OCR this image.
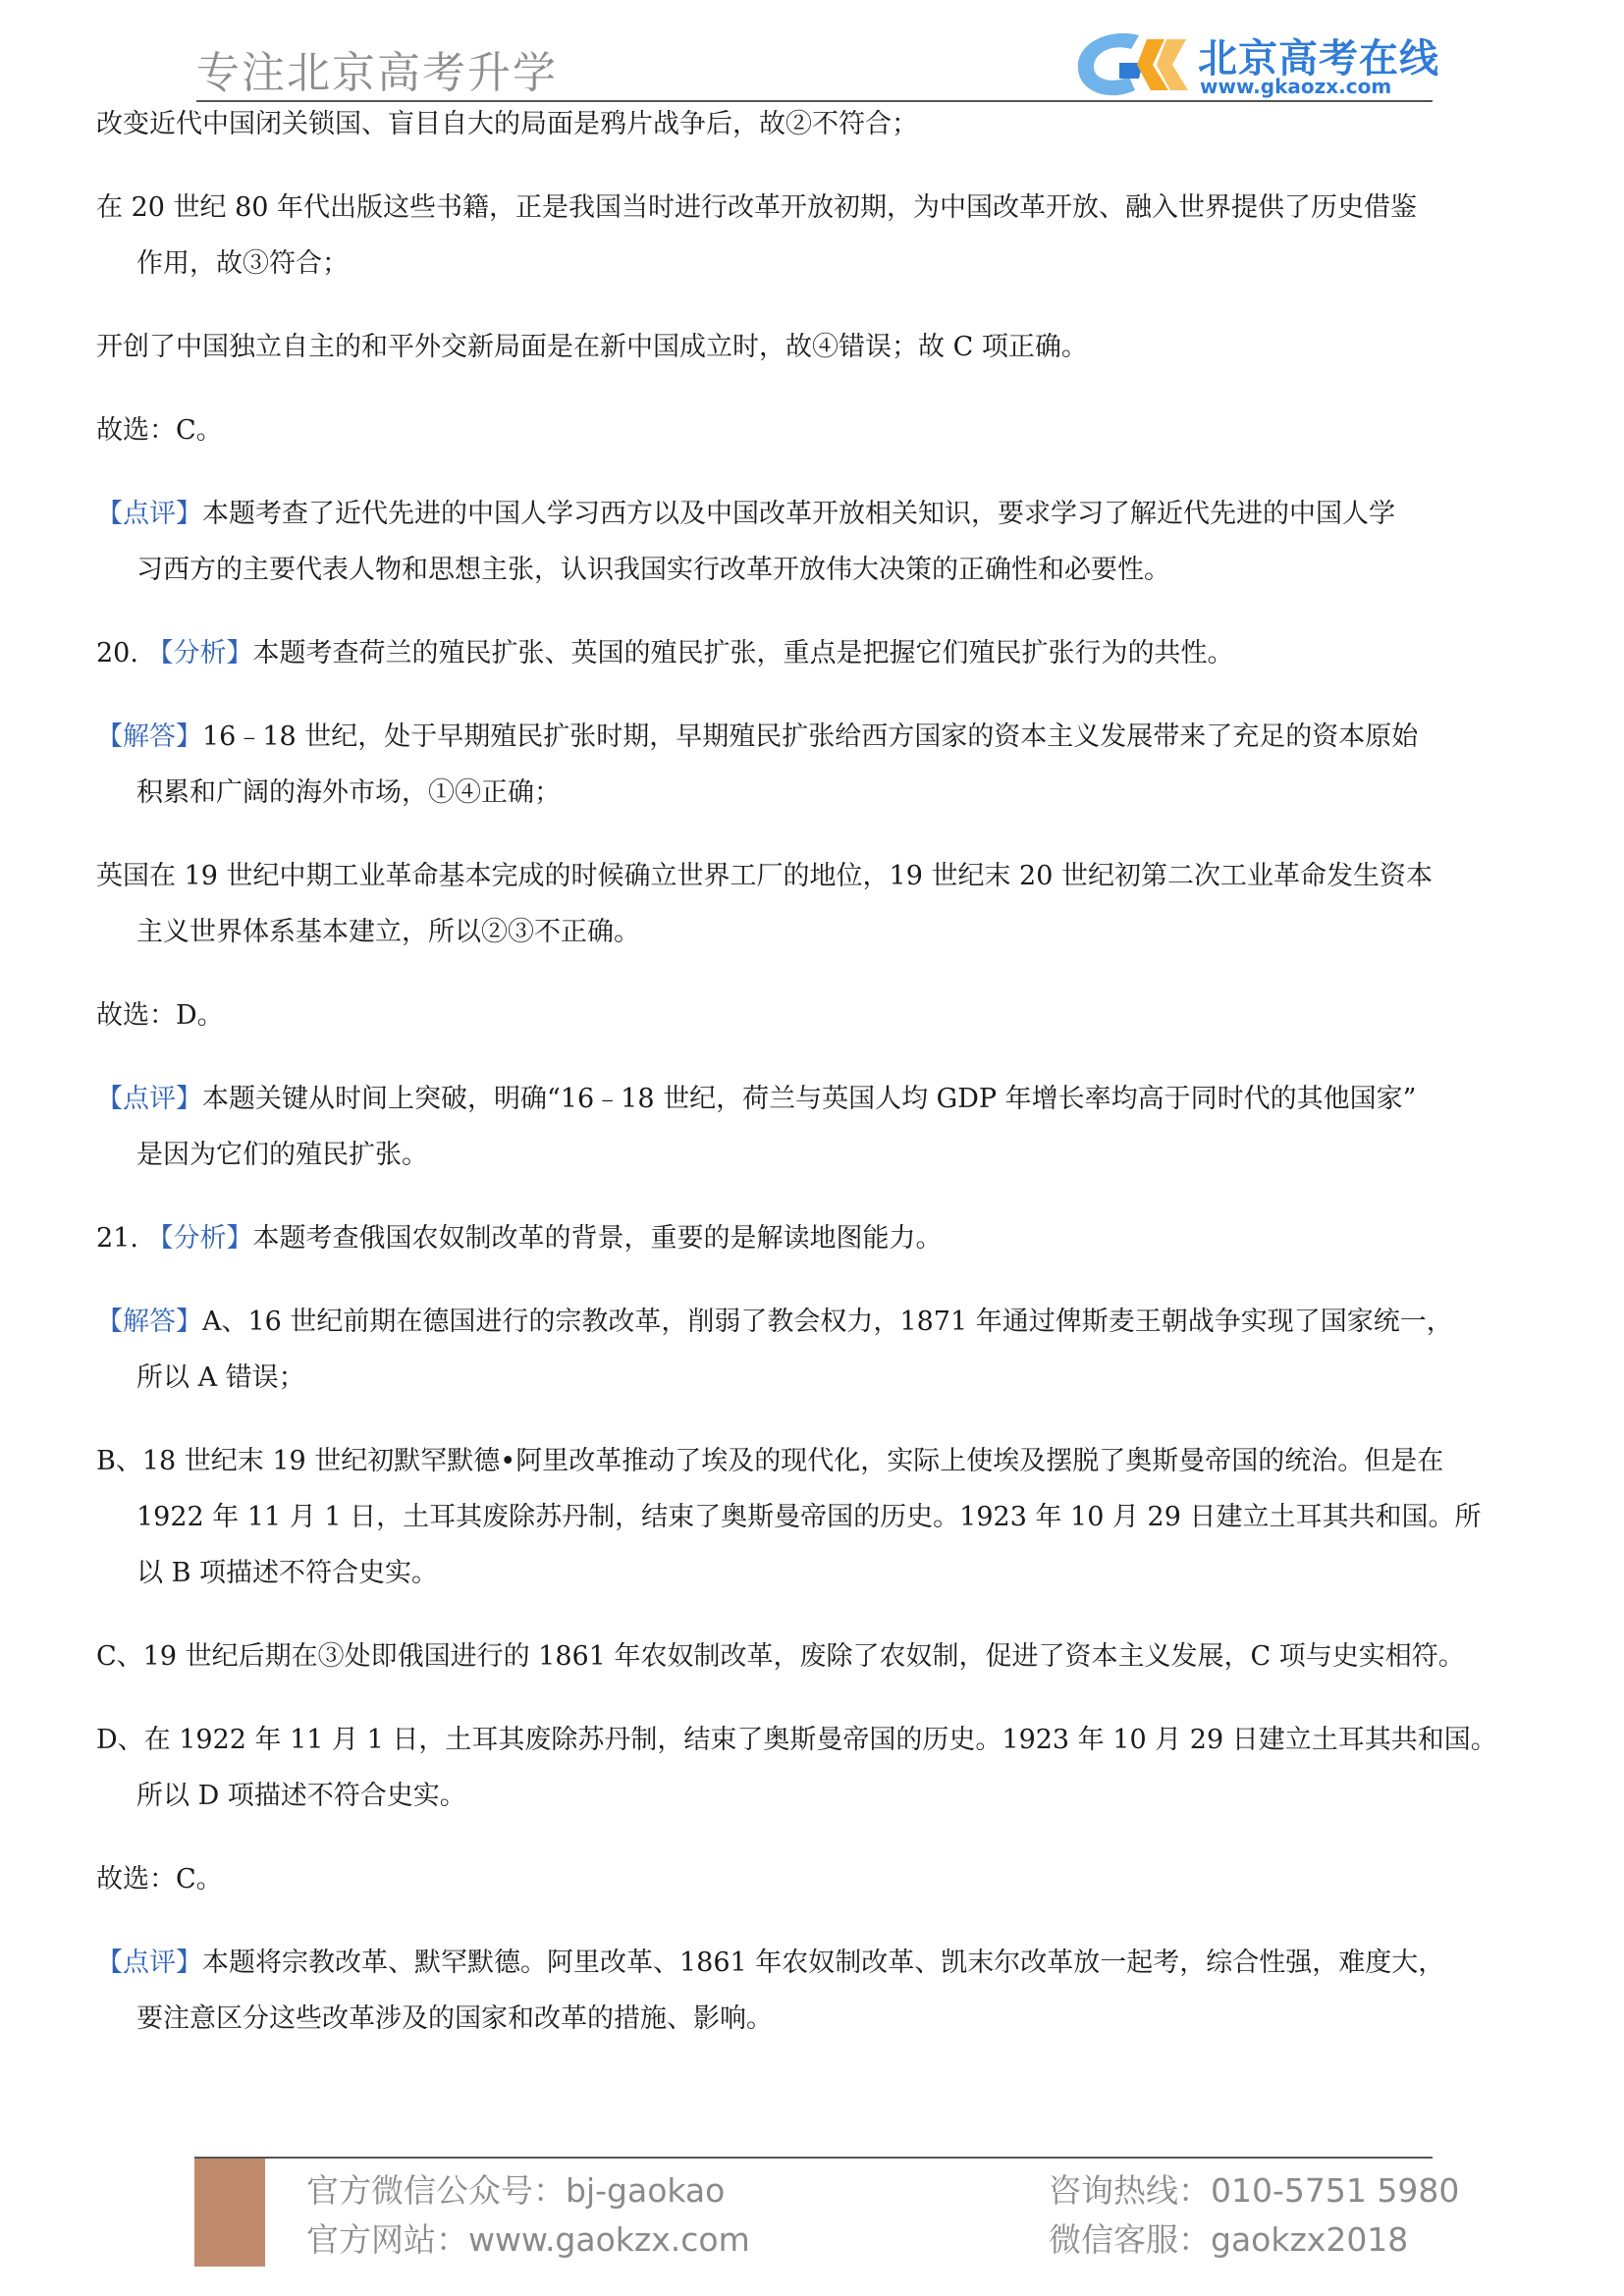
专注北京高考升学	北京高考在线
www.gkaozx.com
改变近代中国闭关锁国、盲目自大的局面是鸦片战争后，故②不符合；
在 20 世纪 80 年代出版这些书籍，正是我国当时进行改革开放初期，为中国改革开放、融入世界提供了历史借鉴
作用，故③符合；
开创了中国独立自主的和平外交新局面是在新中国成立时，故④错误；故 C 项正确。
故选：C。
【点评】本题考查了近代先进的中国人学习西方以及中国改革开放相关知识，要求学习了解近代先进的中国人学
习西方的主要代表人物和思想主张，认识我国实行改革开放伟大决策的正确性和必要性。
20. 【分析】本题考查荷兰的殖民扩张、英国的殖民扩张，重点是把握它们殖民扩张行为的共性。
【解答】16﹣18 世纪，处于早期殖民扩张时期，早期殖民扩张给西方国家的资本主义发展带来了充足的资本原始
积累和广阔的海外市场，①④正确；
英国在 19 世纪中期工业革命基本完成的时候确立世界工厂的地位，19 世纪末 20 世纪初第二次工业革命发生资本
主义世界体系基本建立，所以②③不正确。
故选：D。
【点评】本题关键从时间上突破，明确“16﹣18 世纪，荷兰与英国人均 GDP 年增长率均高于同时代的其他国家”
是因为它们的殖民扩张。
21. 【分析】本题考查俄国农奴制改革的背景，重要的是解读地图能力。
【解答】A、16 世纪前期在德国进行的宗教改革，削弱了教会权力，1871 年通过俾斯麦王朝战争实现了国家统一，
所以 A 错误；
B、18 世纪末 19 世纪初默罕默德•阿里改革推动了埃及的现代化，实际上使埃及摆脱了奥斯曼帝国的统治。但是在
1922 年 11 月 1 日，土耳其废除苏丹制，结束了奥斯曼帝国的历史。1923 年 10 月 29 日建立土耳其共和国。所
以 B 项描述不符合史实。
C、19 世纪后期在③处即俄国进行的 1861 年农奴制改革，废除了农奴制，促进了资本主义发展，C 项与史实相符。
D、在 1922 年 11 月 1 日，土耳其废除苏丹制，结束了奥斯曼帝国的历史。1923 年 10 月 29 日建立土耳其共和国。
所以 D 项描述不符合史实。
故选：C。
【点评】本题将宗教改革、默罕默德。阿里改革、1861 年农奴制改革、凯末尔改革放一起考，综合性强，难度大，
要注意区分这些改革涉及的国家和改革的措施、影响。
官方微信公众号：bj-gaokao
官方网站：www.gaokzx.com
咨询热线：010-5751 5980
微信客服：gaokzx2018
